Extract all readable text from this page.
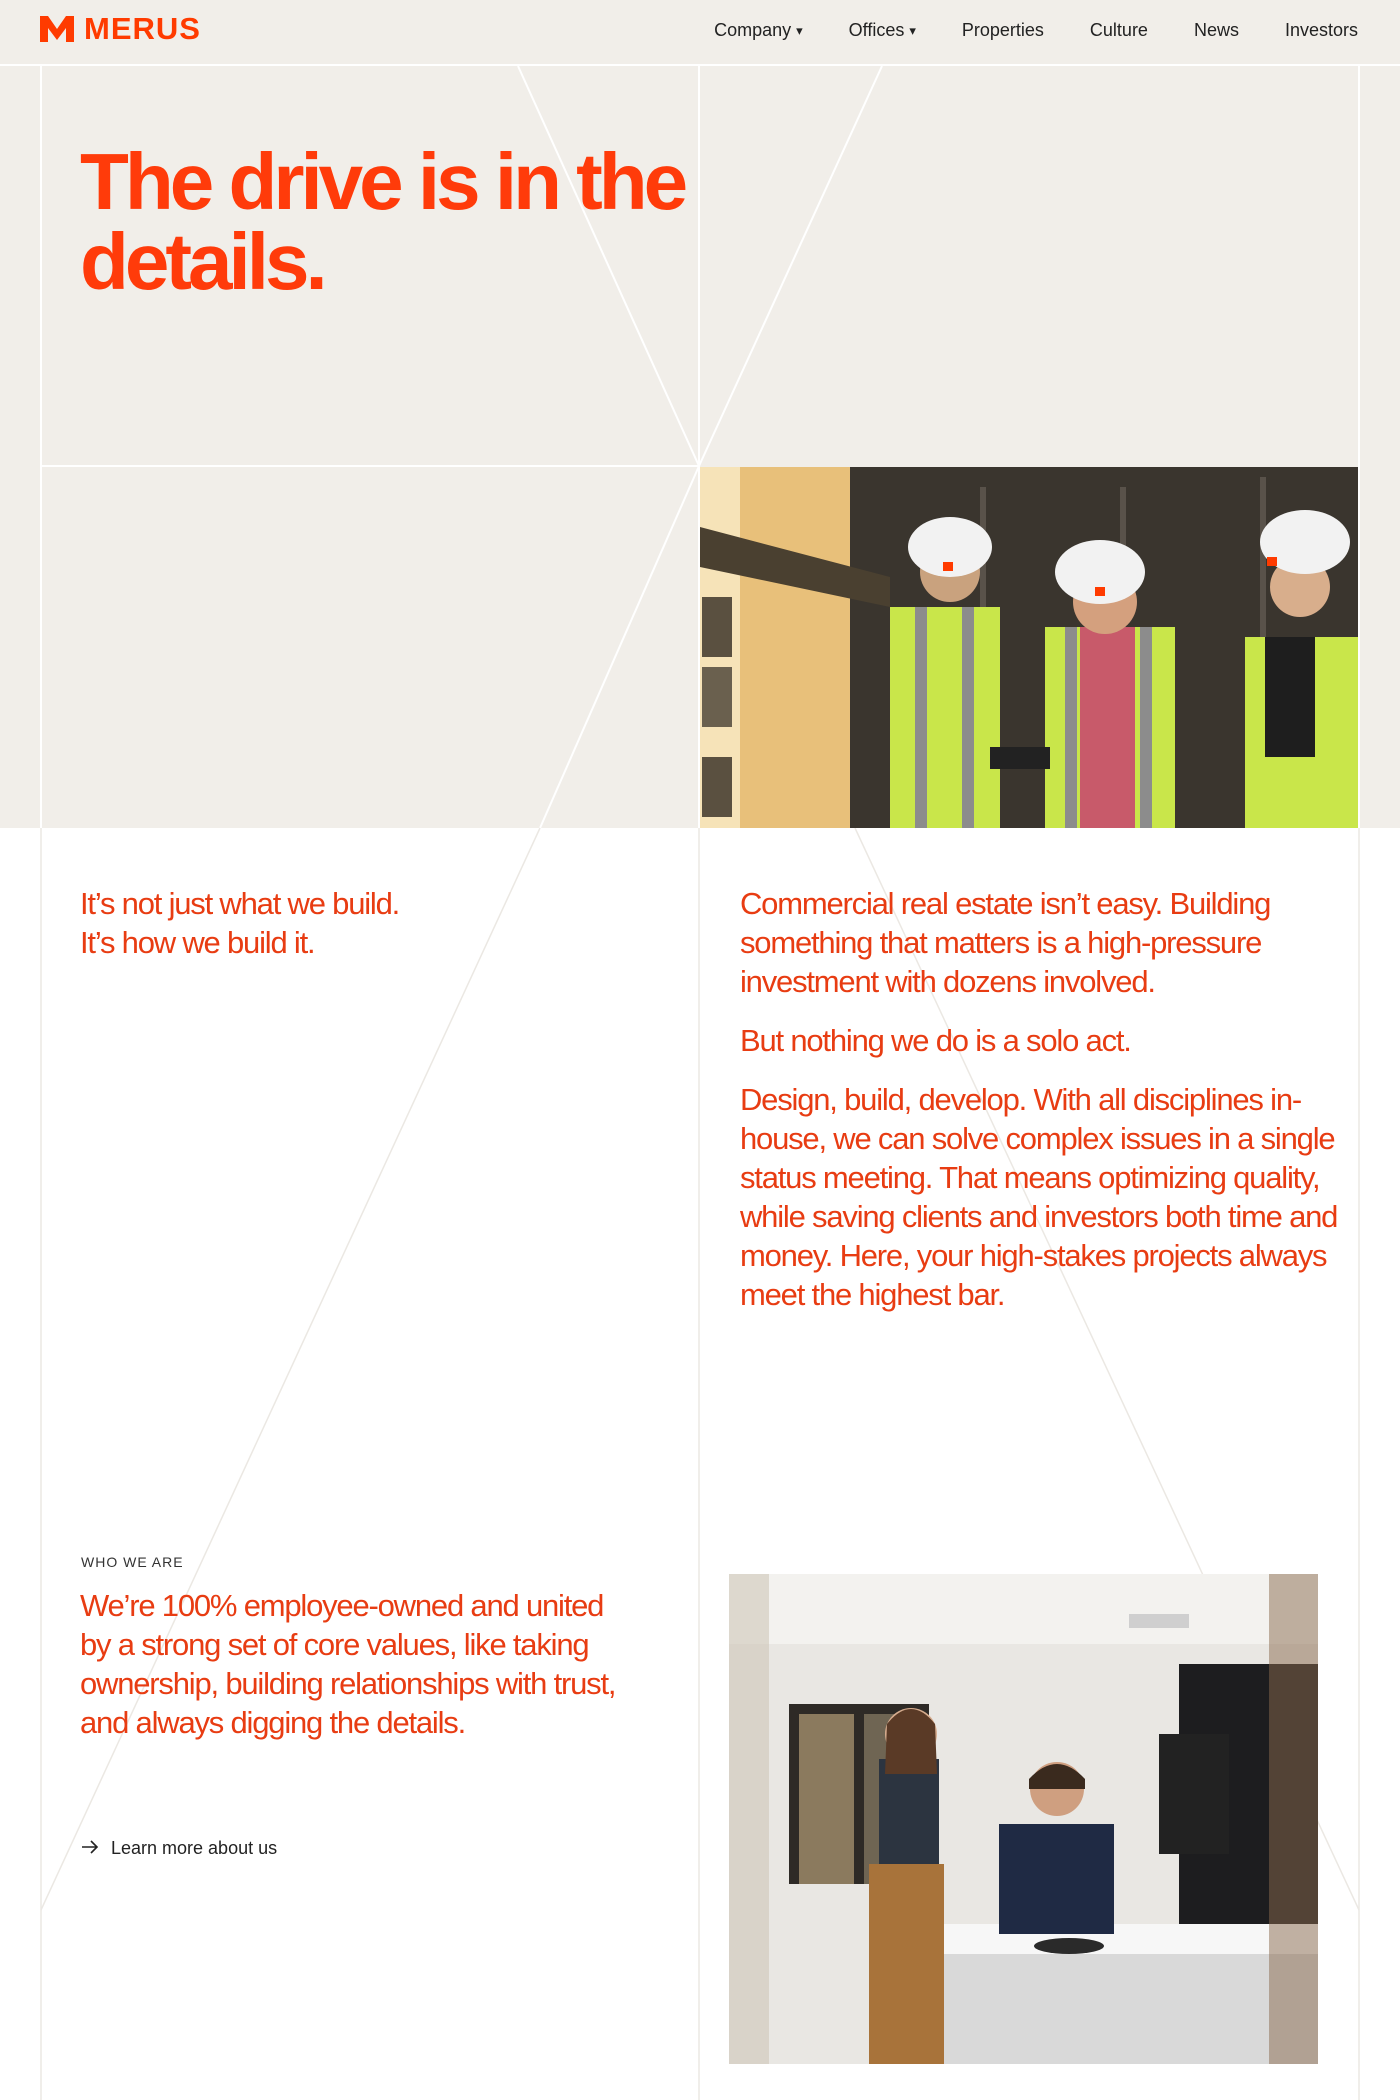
MERUS	Company ▾	Offices ▾	Properties	Culture	News	Investors
The drive is in the details.

It’s not just what we build.

It’s how we build it.

Commercial real estate isn’t easy. Building something that matters is a high-pressure investment with dozens involved.

But nothing we do is a solo act.

Design, build, develop. With all disciplines in-house, we can solve complex issues in a single status meeting. That means optimizing quality, while saving clients and investors both time and money. Here, your high-stakes projects always meet the highest bar.

WHO WE ARE
We’re 100% employee-owned and united by a strong set of core values, like taking ownership, building relationships with trust, and always digging the details.
Learn more about us
